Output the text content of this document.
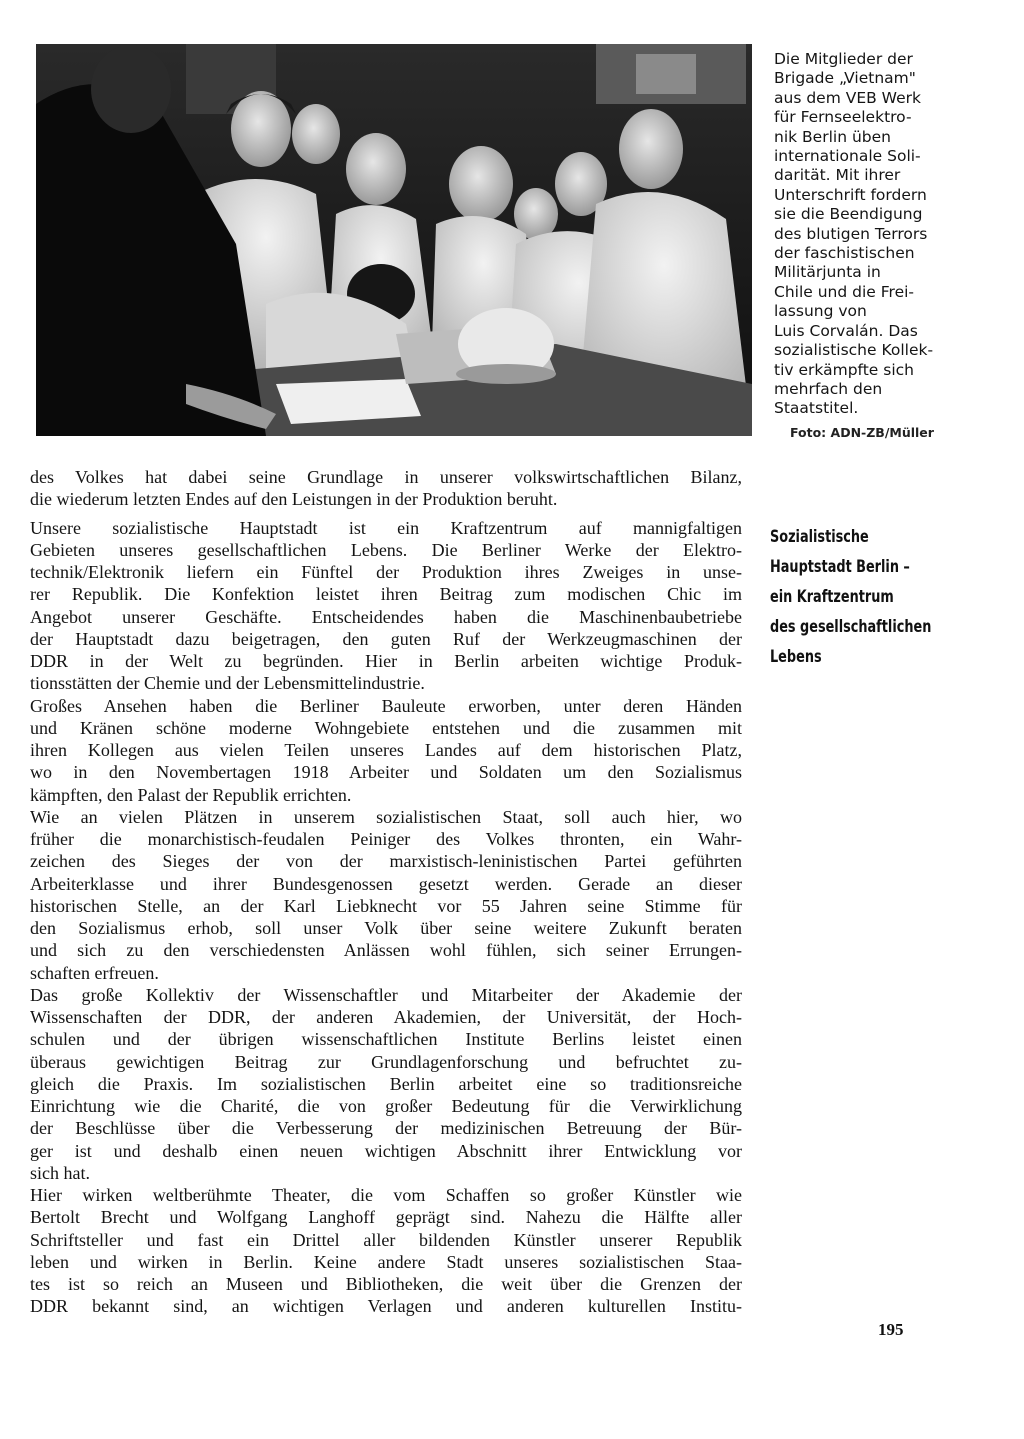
Die Mitglieder der
Brigade „Vietnam"
aus dem VEB Werk
für Fernseelektro-
nik Berlin üben
internationale Soli-
darität. Mit ihrer
Unterschrift fordern
sie die Beendigung
des blutigen Terrors
der faschistischen
Militärjunta in
Chile und die Frei-
lassung von
Luis Corvalán. Das
sozialistische Kollek-
tiv erkämpfte sich
mehrfach den
Staatstitel.
Foto: ADN-ZB/Müller
Sozialistische
Hauptstadt Berlin –
ein Kraftzentrum
des gesellschaftlichen
Lebens
des Volkes hat dabei seine Grundlage in unserer volkswirtschaftlichen Bilanz,
die wiederum letzten Endes auf den Leistungen in der Produktion beruht.
Unsere sozialistische Hauptstadt ist ein Kraftzentrum auf mannigfaltigen
Gebieten unseres gesellschaftlichen Lebens. Die Berliner Werke der Elektro-
technik/Elektronik liefern ein Fünftel der Produktion ihres Zweiges in unse-
rer Republik. Die Konfektion leistet ihren Beitrag zum modischen Chic im
Angebot unserer Geschäfte. Entscheidendes haben die Maschinenbaubetriebe
der Hauptstadt dazu beigetragen, den guten Ruf der Werkzeugmaschinen der
DDR in der Welt zu begründen. Hier in Berlin arbeiten wichtige Produk-
tionsstätten der Chemie und der Lebensmittelindustrie.
Großes Ansehen haben die Berliner Bauleute erworben, unter deren Händen
und Kränen schöne moderne Wohngebiete entstehen und die zusammen mit
ihren Kollegen aus vielen Teilen unseres Landes auf dem historischen Platz,
wo in den Novembertagen 1918 Arbeiter und Soldaten um den Sozialismus
kämpften, den Palast der Republik errichten.
Wie an vielen Plätzen in unserem sozialistischen Staat, soll auch hier, wo
früher die monarchistisch-feudalen Peiniger des Volkes thronten, ein Wahr-
zeichen des Sieges der von der marxistisch-leninistischen Partei geführten
Arbeiterklasse und ihrer Bundesgenossen gesetzt werden. Gerade an dieser
historischen Stelle, an der Karl Liebknecht vor 55 Jahren seine Stimme für
den Sozialismus erhob, soll unser Volk über seine weitere Zukunft beraten
und sich zu den verschiedensten Anlässen wohl fühlen, sich seiner Errungen-
schaften erfreuen.
Das große Kollektiv der Wissenschaftler und Mitarbeiter der Akademie der
Wissenschaften der DDR, der anderen Akademien, der Universität, der Hoch-
schulen und der übrigen wissenschaftlichen Institute Berlins leistet einen
überaus gewichtigen Beitrag zur Grundlagenforschung und befruchtet zu-
gleich die Praxis. Im sozialistischen Berlin arbeitet eine so traditionsreiche
Einrichtung wie die Charité, die von großer Bedeutung für die Verwirklichung
der Beschlüsse über die Verbesserung der medizinischen Betreuung der Bür-
ger ist und deshalb einen neuen wichtigen Abschnitt ihrer Entwicklung vor
sich hat.
Hier wirken weltberühmte Theater, die vom Schaffen so großer Künstler wie
Bertolt Brecht und Wolfgang Langhoff geprägt sind. Nahezu die Hälfte aller
Schriftsteller und fast ein Drittel aller bildenden Künstler unserer Republik
leben und wirken in Berlin. Keine andere Stadt unseres sozialistischen Staa-
tes ist so reich an Museen und Bibliotheken, die weit über die Grenzen der
DDR bekannt sind, an wichtigen Verlagen und anderen kulturellen Institu-
195
